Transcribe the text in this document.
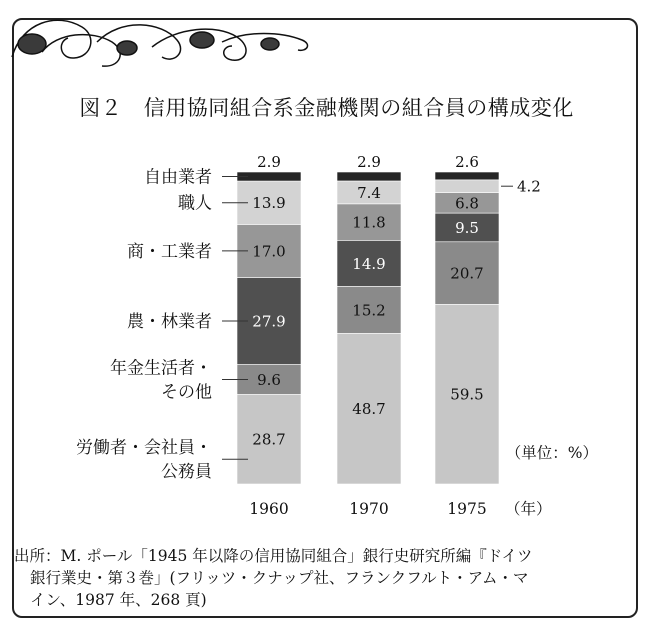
図２　信用協同組合系金融機関の組合員の構成変化
28.7
9.6
27.9
17.0
13.9
2.9
48.7
15.2
14.9
11.8
7.4
2.9
59.5
20.7
9.5
6.8
4.2
2.6
労働者・会社員・
公務員
年金生活者・
その他
農・林業者
商・工業者
職人
自由業者
1960	1970	1975 （年）
（単位：%）
出所：M. ポール「1945 年以降の信用協同組合」銀行史研究所編『ドイツ
銀行業史・第３巻」(フリッツ・クナップ社、フランクフルト・アム・マ
イン、1987 年、268 頁)
